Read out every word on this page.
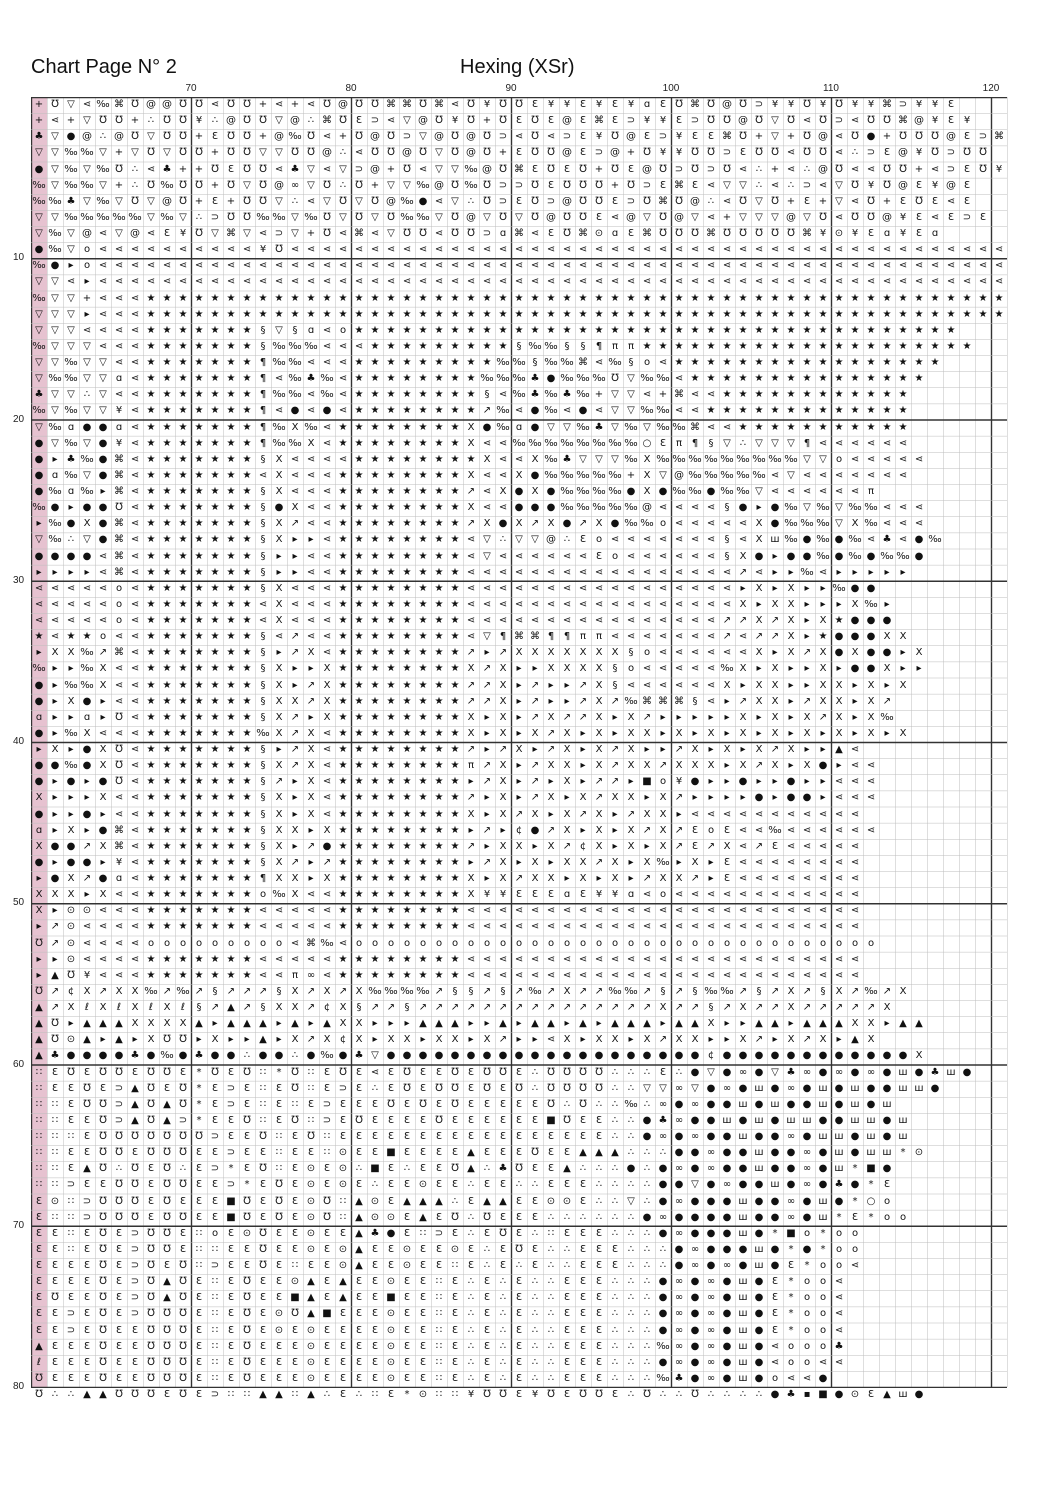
Chart Page N° 2	Hexing (XSr)
70	80	90	100	110	120
10
20
30
40
50
60
70
80
+ ℧ ▽ ⋖ ‰ ⌘ ℧ @ @ ℧ ℧ ⋖ ℧ ℧ + ⋖ + ⋖ ℧ @ ℧ ℧ ⌘ ⌘ ℧ ⌘ ⋖ ℧ ¥ ℧ ℧ Ɛ ¥ ¥ Ɛ ¥ Ɛ ¥ ɑ Ɛ ℧ ⌘ ℧ @ ℧ ⊃ ¥ ¥ ℧ ¥ ℧ ¥ ¥ ⌘ ⊃ ¥ ¥ Ɛ
+ ⋖ + ▽ ℧ ℧ + ∴ ℧ ℧ ¥ ∴ @ ℧ ℧ ▽ @ ∴ ⌘ ℧ Ɛ ⊃ ⋖ ▽ @ ℧ ¥ ℧ + ℧ Ɛ ℧ Ɛ @ Ɛ ⌘ Ɛ ⊃ ¥ ¥ Ɛ ⊃ ℧ ℧ @ ℧ ▽ ℧ ⋖ ℧ ⊃ ⋖ ℧ ℧ ⌘ @ ¥ Ɛ ¥
♣ ▽ ● @ ∴ @ ℧ ▽ ℧ ℧ + Ɛ ℧ ℧ + @ ‰ ℧ ⋖ + ℧ @ ℧ ⊃ ▽ @ ℧ @ ℧ ⊃ ⋖ ℧ ⋖ ⊃ Ɛ ¥ ℧ @ Ɛ ⊃ ¥ Ɛ Ɛ ⌘ ℧ + ▽ + ℧ @ ⋖ ℧ ● + ℧ ℧ ℧ @ Ɛ ⊃ ⌘
▽ ▽ ‰ ‰ ▽ + ▽ ℧ ▽ ℧ ℧ + ℧ ℧ ▽ ▽ ℧ ℧ @ ∴ ⋖ ℧ ℧ @ ℧ ▽ ℧ @ ℧ + Ɛ ℧ ℧ @ Ɛ ⊃ @ + ℧ ¥ ¥ ℧ ℧ ⊃ Ɛ ℧ ℧ ⋖ ℧ ℧ ⋖ ∴ ⊃ Ɛ @ ¥ ℧ ⊃ ℧ ℧
● ▽ ‰ ▽ ‰ ℧ ∴ ⋖ ♣ + + ℧ Ɛ ℧ ℧ ⋖ ♣ ▽ ⋖ ▽ ⊃ @ + ℧ ⋖ ▽ ▽ ‰ @ ℧ ⌘ Ɛ ℧ Ɛ ℧ + ℧ Ɛ @ ℧ ⊃ ℧ ⊃ ℧ ⋖ ∴ + ⋖ ∴ @ ℧ ⋖ ⋖ ℧ ℧ + ⋖ ⊃ Ɛ ℧ ¥
‰ ▽ ‰ ‰ ▽ + ∴ ℧ ‰ ℧ ℧ + ℧ ▽ ℧ @ ∞ ▽ ℧ ∴ ℧ + ▽ ▽ ‰ @ ℧ ‰ ℧ ⊃ ⊃ ℧ Ɛ ℧ ℧ ℧ + ℧ ⊃ Ɛ ⌘ Ɛ ⋖ ▽ ▽ ∴ ⋖ ∴ ⊃ ⋖ ▽ ℧ ¥ ℧ @ Ɛ ¥ @ Ɛ
‰ ‰ ♣ ▽ ‰ ▽ ℧ ▽ @ ℧ + Ɛ + ℧ ℧ ▽ ∴ ⋖ ▽ ℧ ▽ ℧ @ ‰ ● ⋖ ▽ ∴ ℧ ⊃ Ɛ ℧ ⊃ @ ℧ ℧ Ɛ ⊃ ℧ ⌘ ℧ @ ∴ ⋖ ℧ ▽ ℧ + Ɛ + ▽ ⋖ ℧ + Ɛ ℧ Ɛ ⋖ Ɛ
▽ ▽ ‰ ‰ ‰ ‰ ‰ ▽ ‰ ▽ ∴ ⊃ ℧ ℧ ‰ ‰ ▽ ‰ ℧ ▽ ℧ ▽ ℧ ‰ ‰ ▽ ℧ @ ▽ ℧ ▽ ℧ @ ℧ ℧ Ɛ ⋖ @ ▽ ℧ @ ▽ ⋖ + ▽ ▽ ▽ @ ▽ ℧ ⋖ ℧ ℧ @ ¥ Ɛ ⋖ Ɛ ⊃ Ɛ
▽ ‰ ▽ @ ⋖ ▽ @ ⋖ Ɛ ¥ ℧ ▽ ⌘ ▽ ⋖ ⊃ ▽ + ℧ ⋖ ⌘ ⋖ ▽ ℧ ℧ ⋖ ℧ ℧ ⊃ ɑ ⌘ ⋖ Ɛ ℧ ⌘ ⊙ ɑ Ɛ ⌘ ℧ ℧ ℧ ⌘ ℧ ℧ ℧ ℧ ℧ ⌘ ¥ ⊙ ¥ Ɛ ɑ ¥ Ɛ ɑ
● ‰ ▽ o ⋖ ⋖ ⋖ ⋖ ⋖ ⋖ ⋖ ⋖ ⋖ ⋖ ¥ ℧ ⋖ ⋖ ⋖ ⋖ ⋖ ⋖ ⋖ ⋖ ⋖ ⋖ ⋖ ⋖ ⋖ ⋖ ⋖ ⋖ ⋖ ⋖ ⋖ ⋖ ⋖ ⋖ ⋖ ⋖ ⋖ ⋖ ⋖ ⋖ ⋖ ⋖ ⋖ ⋖ ⋖ ⋖ ⋖ ⋖ ⋖ ⋖ ⋖ ⋖ ⋖ ⋖ ⋖ ⋖ ⋖
‰ ● ▸	o ⋖ ⋖ ⋖ ⋖ ⋖ ⋖ ⋖ ⋖ ⋖ ⋖ ⋖ ⋖ ⋖ ⋖ ⋖ ⋖ ⋖ ⋖ ⋖ ⋖ ⋖ ⋖ ⋖ ⋖ ⋖ ⋖ ⋖ ⋖ ⋖ ⋖ ⋖ ⋖ ⋖ ⋖ ⋖ ⋖ ⋖ ⋖ ⋖ ⋖ ⋖ ⋖ ⋖ ⋖ ⋖ ⋖ ⋖ ⋖ ⋖ ⋖ ⋖ ⋖ ⋖ ⋖ ⋖ ⋖ ⋖
▽ ▽ ⋖ ▸ ⋖ ⋖ ⋖ ⋖ ⋖ ⋖ ⋖ ⋖ ⋖ ⋖ ⋖ ⋖ ⋖ ⋖ ⋖ ⋖ ⋖ ⋖ ⋖ ⋖ ⋖ ⋖ ⋖ ⋖ ⋖ ⋖ ⋖ ⋖ ⋖ ⋖ ⋖ ⋖ ⋖ ⋖ ⋖ ⋖ ⋖ ⋖ ⋖ ⋖ ⋖ ⋖ ⋖ ⋖ ⋖ ⋖ ⋖ ⋖ ⋖ ⋖ ⋖ ⋖ ⋖ ⋖ ⋖ ⋖ ⋖
‰ ▽ ▽ + ⋖ ⋖ ⋖ ★ ★ ★ ★ ★ ★ ★ ★ ★ ★ ★ ★ ★ ★ ★ ★ ★ ★ ★ ★ ★ ★ ★ ★ ★ ★ ★ ★ ★ ★ ★ ★ ★ ★ ★ ★ ★ ★ ★ ★ ★ ★ ★ ★ ★ ★ ★ ★ ★ ★ ★ ★ ★ ★
▽ ▽ ▽ ▸ ⋖ ⋖ ⋖ ★ ★ ★ ★ ★ ★ ★ ★ ★ ★ ★ ★ ★ ★ ★ ★ ★ ★ ★ ★ ★ ★ ★ ★ ★ ★ ★ ★ ★ ★ ★ ★ ★ ★ ★ ★ ★ ★ ★ ★ ★ ★ ★ ★ ★ ★ ★ ★ ★ ★ ★ ★ ★ ★
▽ ▽ ▽ ⋖ ⋖ ⋖ ⋖ ★ ★ ★ ★ ★ ★ ★ § ▽ §	ɑ ⋖ o ★ ★ ★ ★ ★ ★ ★ ★ ★ ★ ★ ★ ★ ★ ★ ★ ★ ★ ★ ★ ★ ★ ★ ★ ★ ★ ★ ★ ★ ★ ★ ★ ★ ★ ★ ★ ★ ★
‰ ▽ ▽ ▽ ⋖ ⋖ ⋖ ★ ★ ★ ★ ★ ★ ★ § ‰ ‰ ‰ ⋖ ⋖ ⋖ ★ ★ ★ ★ ★ ★ ★ ★ ★ § ‰ ‰ §	§	¶ π π ★ ★ ★ ★ ★ ★ ★ ★ ★ ★ ★ ★ ★ ★ ★ ★ ★ ★ ★ ★ ★
▽ ▽ ‰ ▽ ▽ ⋖ ⋖ ★ ★ ★ ★ ★ ★ ★ ¶ ‰ ‰ ⋖ ⋖ ⋖ ★ ★ ★ ★ ★ ★ ★ ★ ★ ‰ ‰ § ‰ ‰ ⌘ ⋖ ‰ §	o ⋖ ★ ★ ★ ★ ★ ★ ★ ★ ★ ★ ★ ★ ★ ★ ★ ★ ★
▽ ‰ ‰ ▽ ▽ ɑ ⋖ ★ ★ ★ ★ ★ ★ ★ ¶ ⋖ ‰ ♣ ‰ ⋖ ★ ★ ★ ★ ★ ★ ★ ★ ‰ ‰ ‰ ♣ ● ‰ ‰ ‰ ℧ ▽ ‰ ‰ ⋖ ★ ★ ★ ★ ★ ★ ★ ★ ★ ★ ★ ★ ★ ★ ★
♣ ▽ ▽ ∴ ▽ ⋖ ⋖ ★ ★ ★ ★ ★ ★ ★ ¶ ‰ ‰ ⋖ ‰ ⋖ ★ ★ ★ ★ ★ ★ ★ ★ § ⋖ ‰ ♣ ‰ ♣ ‰ + ▽ ▽ ⋖ + ⌘ ⋖ ⋖ ★ ★ ★ ★ ★ ★ ★ ★ ★ ★ ★ ★
‰ ▽ ‰ ▽ ▽ ¥ ⋖ ★ ★ ★ ★ ★ ★ ★ ¶ ⋖ ● ⋖ ● ⋖ ★ ★ ★ ★ ★ ★ ★ ★ ↗ ‰ ⋖ ● ‰ ⋖ ● ⋖ ▽ ▽ ‰ ‰ ⋖ ⋖ ★ ★ ★ ★ ★ ★ ★ ★ ★ ★ ★ ★ ★
▽ ‰ ɑ ● ● ɑ ⋖ ★ ★ ★ ★ ★ ★ ★ ¶ ‰ X ‰ ⋖ ★ ★ ★ ★ ★ ★ ★ ★ X ● ‰ ɑ ● ▽ ▽ ‰ ♣ ▽ ‰ ▽ ‰ ‰ ⌘ ⋖ ⋖ ★ ★ ★ ★ ★ ★ ★ ★ ★ ★ ★
● ▽ ‰ ▽ ● ¥ ⋖ ★ ★ ★ ★ ★ ★ ★ ¶ ‰ ‰ X ⋖ ★ ★ ★ ★ ★ ★ ★ ★ X ⋖ ⋖ ‰ ‰ ‰ ‰ ‰ ‰ ‰ ‰ ○ Ɛ π ¶	§ ▽ ∴ ▽ ▽ ▽ ¶ ⋖ ⋖ ⋖ ⋖ ⋖ ⋖
● ▸ ♣ ‰ ● ⌘ ⋖ ★ ★ ★ ★ ★ ★ ★ §	X ⋖ ⋖ ⋖ ⋖ ★ ★ ★ ★ ★ ★ ★ ★ X ⋖ ⋖ X ‰ ♣ ▽ ▽ ▽ ‰ X ‰ ‰ ‰ ‰ ‰ ‰ ‰ ‰ ‰ ▽ ▽ o ⋖ ⋖ ⋖ ⋖ ⋖
● ɑ ‰ ▽ ● ⌘ ⋖ ★ ★ ★ ★ ★ ★ ★ ⋖ X ⋖ ⋖ ⋖ ★ ★ ★ ★ ★ ★ ★ ★ X ⋖ ⋖ X ● ‰ ‰ ‰ ‰ ‰ + X ▽ @ ‰ ‰ ‰ ‰ ‰ ⋖ ▽ ⋖ ⋖ ⋖ ⋖ ⋖ ⋖ ⋖
● ‰ ɑ ‰ ▸ ⌘ ⋖ ★ ★ ★ ★ ★ ★ ★ §	X ⋖ ⋖ ⋖ ★ ★ ★ ★ ★ ★ ★ ★ ↗ ⋖ X ● X ● ‰ ‰ ‰ ‰ ● X ● ‰ ‰ ● ‰ ‰ ▽ ⋖ ⋖ ⋖ ⋖ ⋖ ⋖ π
‰ ● ▸ ● ● ℧ ⋖ ★ ★ ★ ★ ★ ★ ★ § ● X ⋖ ⋖ ★ ★ ★ ★ ★ ★ ★ ★ X ⋖ ⋖ ● ● ● ‰ ‰ ‰ ‰ ‰ @ ⋖ ⋖ ⋖ ⋖ § ● ▸ ● ‰ ▽ ‰ ▽ ‰ ‰ ⋖ ⋖ ⋖
▸ ‰ ● X ● ⌘ ⋖ ★ ★ ★ ★ ★ ★ ★ §	X ↗ ⋖ ⋖ ★ ★ ★ ★ ★ ★ ★ ★ ↗ X ● X ↗ X ● ↗ X ● ‰ ‰ o ⋖ ⋖ ⋖ ⋖ ⋖ X ● ‰ ‰ ‰ ▽ X ‰ ⋖ ⋖ ⋖
▽ ‰ ∴ ▽ ● ⌘ ⋖ ★ ★ ★ ★ ★ ★ ★ §	X	▸	▸ ⋖ ★ ★ ★ ★ ★ ★ ★ ★ ⋖ ▽ ∴ ▽ ▽ @ ∴ Ɛ o ⋖ ⋖ ⋖ ⋖ ⋖ ⋖ ⋖ § ⋖ X ш ‰ ● ‰ ● ‰ ⋖ ♣ ⋖ ● ‰
● ● ● ● ⋖ ⌘ ⋖ ★ ★ ★ ★ ★ ★ ★ §	▸	▸ ⋖ ⋖ ★ ★ ★ ★ ★ ★ ★ ★ ⋖ ▽ ⋖ ⋖ ⋖ ⋖ ⋖ ⋖ Ɛ o ⋖ ⋖ ⋖ ⋖ ⋖ ⋖ §	X ● ▸ ● ● ‰ ● ‰ ● ‰ ‰ ●
▸	▸	▸	▸ ⋖ ⌘ ⋖ ★ ★ ★ ★ ★ ★ ★ §	▸	▸ ⋖ ⋖ ★ ★ ★ ★ ★ ★ ★ ★ ⋖ ⋖ ⋖ ⋖ ⋖ ⋖ ⋖ ⋖ ⋖ ⋖ ⋖ ⋖ ⋖ ⋖ ⋖ ⋖ ⋖ ↗ ⋖ ▸	▸ ‰ ⋖ ▸	▸	▸	▸	▸
⋖ ⋖ ⋖ ⋖ ⋖ o ⋖ ★ ★ ★ ★ ★ ★ ★ §	X ⋖ ⋖ ⋖ ★ ★ ★ ★ ★ ★ ★ ★ ⋖ ⋖ ⋖ ⋖ ⋖ ⋖ ⋖ ⋖ ⋖ ⋖ ⋖ ⋖ ⋖ ⋖ ⋖ ⋖ ⋖ ▸	X	▸	X	▸	▸ ‰ ● ●
⋖ ⋖ ⋖ ⋖ ⋖ o ⋖ ★ ★ ★ ★ ★ ★ ★ ⋖ X ⋖ ⋖ ⋖ ★ ★ ★ ★ ★ ★ ★ ★ ⋖ ⋖ ⋖ ⋖ ⋖ ⋖ ⋖ ⋖ ⋖ ⋖ ⋖ ⋖ ⋖ ⋖ ⋖ ⋖ ⋖ X	▸	X X	▸	▸	▸	X ‰ ▸
⋖ ⋖ ⋖ ⋖ ⋖ o ⋖ ★ ★ ★ ★ ★ ★ ★ ⋖ X ⋖ ⋖ ⋖ ★ ★ ★ ★ ★ ★ ★ ★ ⋖ ⋖ ⋖ ⋖ ⋖ ⋖ ⋖ ⋖ ⋖ ⋖ ⋖ ⋖ ⋖ ⋖ ⋖ ⋖ ↗ ↗ X ↗ X	▸	X ★ ● ● ●
★ ⋖ ★ ★ o ⋖ ⋖ ★ ★ ★ ★ ★ ★ ★ § ⋖ ↗ ⋖ ⋖ ★ ★ ★ ★ ★ ★ ★ ★ ⋖ ▽ ¶ ⌘ ⌘ ¶ ¶ π π ⋖ ⋖ ⋖ ⋖ ⋖ ⋖ ⋖ ↗ ⋖ ↗ ↗ X	▸ ★ ● ● ● X X
▸	X X ‰ ↗ ⌘ ⋖ ★ ★ ★ ★ ★ ★ ★ §	▸ ↗ X ⋖ ★ ★ ★ ★ ★ ★ ★ ★ ↗ ▸ ↗ X X X X X X X	§	o ⋖ ⋖ ⋖ ⋖ ⋖ ⋖ X	▸	X ↗ X ● X ● ● ▸	X
‰ ▸	▸ ‰ X ⋖ ⋖ ★ ★ ★ ★ ★ ★ ★ §	X	▸	▸	X ★ ★ ★ ★ ★ ★ ★ ★ X ↗ X	▸	▸	X X X X	§	o ⋖ ⋖ ⋖ ⋖ ⋖ ‰ X	▸	X	▸	▸	X	▸ ● ● X	▸	▸
● ▸ ‰ ‰ X ⋖ ⋖ ★ ★ ★ ★ ★ ★ ★ §	X	▸ ↗ X ★ ★ ★ ★ ★ ★ ★ ★ ↗ ↗ X	▸ ↗ ▸	▸ ↗ X	§ ⋖ ⋖ ⋖ ⋖ ⋖ ⋖ X	▸	X X	▸	▸	X X	▸	X	▸	X
● ▸	X ● ▸ ⋖ ⋖ ★ ★ ★ ★ ★ ★ ★ §	X X ↗ X ★ ★ ★ ★ ★ ★ ★ ★ ↗ ↗ X	▸ ↗ ▸	▸ ↗ X ↗ ‰ ⌘ ⌘ ⌘ § ⋖ ▸ ↗ X X	▸ ↗ X X	▸	X ↗
ɑ	▸	▸	ɑ	▸ ℧ ⋖ ★ ★ ★ ★ ★ ★ ★ §	X ↗ ▸	X ★ ★ ★ ★ ★ ★ ★ ★ X	▸	X	▸ ↗ X ↗ ↗ X	▸	X ↗ ▸	▸	▸	▸	▸	X	▸	X	▸	X ↗ X	▸	X ‰
● ▸ ‰ X ⋖ ⋖ ⋖ ★ ★ ★ ★ ★ ★ ★ ‰ X ↗ X ⋖ ★ ★ ★ ★ ★ ★ ★ ★ X	▸	X	▸	X ↗ X	▸	X	▸	X X	▸	X	▸	X	▸	X	▸	X	▸	X	▸	X	▸	X	▸	X
▸	X	▸ ● X ℧ ⋖ ★ ★ ★ ★ ★ ★ ★ §	▸ ↗ X ⋖ ★ ★ ★ ★ ★ ★ ★ ★ ↗ ▸ ↗ X	▸ ↗ X	▸	X ↗ X	▸	▸ ↗ X	▸	X	▸	X ↗ X	▸	▸ ▲ ⋖
● ● ‰ ● X ℧ ⋖ ★ ★ ★ ★ ★ ★ ★ §	X ↗ X ⋖ ★ ★ ★ ★ ★ ★ ★ ★ π ↗ X	▸ ↗ X X	▸	X ↗ X X ↗ X X X	▸	X ↗ X	▸	X ● ▸ ⋖ ⋖
● ▸ ● ▸ ● ℧ ⋖ ★ ★ ★ ★ ★ ★ ★ § ↗ ▸	X ⋖ ★ ★ ★ ★ ★ ★ ★ ★ ▸ ↗ X	▸ ↗ ▸	X	▸ ↗ ↗ ▸ ■ o ¥ ● ▸	▸ ● ▸	▸ ● ▸	▸ ⋖ ⋖ ⋖
X	▸	▸	▸	X ⋖ ⋖ ★ ★ ★ ★ ★ ★ ★ §	X	▸	X ⋖ ★ ★ ★ ★ ★ ★ ★ ★ ↗ ▸	X	▸ ↗ X	▸	X ↗ X X	▸	X ↗ ▸	▸	▸	▸ ● ▸ ● ● ▸ ⋖ ⋖ ⋖
● ▸	▸ ● ▸ ⋖ ⋖ ★ ★ ★ ★ ★ ★ ★ §	X	▸	X ⋖ ★ ★ ★ ★ ★ ★ ★ ★ X	▸	X ↗ X	▸	X ↗ X	▸ ↗ X X	▸ ⋖ ⋖ ⋖ ⋖ ⋖ ⋖ ⋖ ⋖ ⋖ ⋖ ⋖
ɑ	▸	X	▸ ● ⌘ ⋖ ★ ★ ★ ★ ★ ★ ★ §	X X	▸	X ★ ★ ★ ★ ★ ★ ★ ★ ▸ ↗ ▸	¢ ● ↗ X	▸	X	▸	X ↗ X ↗ Ɛ o Ɛ ⋖ ⋖ ‰ ⋖ ⋖ ⋖ ⋖ ⋖ ⋖
X ● ● ↗ X ⌘ ⋖ ★ ★ ★ ★ ★ ★ ★ §	X	▸ ↗ ● ★ ★ ★ ★ ★ ★ ★ ★ ↗ ▸	X X	▸	X ↗ ¢ X	▸	X	▸	X ↗ Ɛ ↗ X ⋖ ↗ Ɛ ⋖ ⋖ ⋖ ⋖ ⋖
● ▸ ● ● ▸	¥ ⋖ ★ ★ ★ ★ ★ ★ ★ §	X ↗ ▸ ↗ ★ ★ ★ ★ ★ ★ ★ ★ ▸ ↗ X	▸	X	▸	X X ↗ X	▸	X ‰ ▸	X	▸	Ɛ ⋖ ⋖ ⋖ ⋖ ⋖ ⋖ ⋖ ⋖
▸ ● X ↗ ● ɑ ⋖ ★ ★ ★ ★ ★ ★ ★ ¶ X X	▸	X ★ ★ ★ ★ ★ ★ ★ ★ X	▸	X ↗ X X	▸	X	▸	X	▸ ↗ X X ↗ ▸	Ɛ ⋖ ⋖ ⋖ ⋖ ⋖ ⋖ ⋖ ⋖
X X X	▸	X ⋖ ⋖ ★ ★ ★ ★ ★ ★ ★ o ‰ X ⋖ ⋖ ★ ★ ★ ★ ★ ★ ★ ★ X ¥ ¥ Ɛ Ɛ Ɛ ɑ Ɛ ¥ ¥ ɑ ⋖ o ⋖ ⋖ ⋖ ⋖ ⋖ ⋖ ⋖ ⋖ ⋖ ⋖ ⋖ ⋖
X	▸ ⊙ ⊙ ⋖ ⋖ ⋖ ★ ★ ★ ★ ★ ★ ★ ⋖ ⋖ ⋖ ⋖ ⋖ ★ ★ ★ ★ ★ ★ ★ ★ ⋖ ⋖ ⋖ ⋖ ⋖ ⋖ ⋖ ⋖ ⋖ ⋖ ⋖ ⋖ ⋖ ⋖ ⋖ ⋖ ⋖ ⋖ ⋖ ⋖ ⋖ ⋖ ⋖ ⋖ ⋖
▸ ↗ ⊙ ⋖ ⋖ ⋖ ⋖ ★ ★ ★ ★ ★ ★ ★ ⋖ ⋖ ⋖ ⋖ ⋖ ★ ★ ★ ★ ★ ★ ★ ★ ⋖ ⋖ ⋖ ⋖ ⋖ ⋖ ⋖ ⋖ ⋖ ⋖ ⋖ ⋖ ⋖ ⋖ ⋖ ⋖ ⋖ ⋖ ⋖ ⋖ ⋖ ⋖ ⋖ ⋖ ⋖
℧ ↗ ⊙ ⋖ ⋖ ⋖ ⋖ o o o o o o o o o ⋖ ⌘ ‰ ⋖ o o o o o o o o o o o o o o o o o o o o o o o o o o o o o o o o o
▸	▸ ⊙ ⋖ ⋖ ⋖ ⋖ ★ ★ ★ ★ ★ ★ ★ ⋖ ⋖ ⋖ ⋖ ⋖ ★ ★ ★ ★ ★ ★ ★ ★ ⋖ ⋖ ⋖ ⋖ ⋖ ⋖ ⋖ ⋖ ⋖ ⋖ ⋖ ⋖ ⋖ ⋖ ⋖ ⋖ ⋖ ⋖ ⋖ ⋖ ⋖ ⋖ ⋖ ⋖ ⋖
▸ ▲ ℧ ¥ ⋖ ⋖ ⋖ ★ ★ ★ ★ ★ ★ ★ ⋖ ⋖ π ∞ ⋖ ★ ★ ★ ★ ★ ★ ★ ★ ⋖ ⋖ ⋖ ⋖ ⋖ ⋖ ⋖ ⋖ ⋖ ⋖ ⋖ ⋖ ⋖ ⋖ ⋖ ⋖ ⋖ ⋖ ⋖ ⋖ ⋖ ⋖ ⋖ ⋖ ⋖
℧ ↗ ¢ X ↗ X X ‰ ↗ ‰ ↗ § ↗ ↗ ↗ §	X ↗ X ↗ X ‰ ‰ ‰ ‰ ↗ §	§ ↗ § ↗ ‰ ↗ X ↗ ↗ ‰ ‰ ↗ § ↗ § ‰ ‰ ↗ § ↗ X ↗ §	X ↗ ‰ ↗ X
▲ ↗ X	ℓ	X	ℓ	X	ℓ	X	ℓ	§ ↗ ▲ ↗ §	X X ↗ ¢ X	§ ↗ ↗ § ↗ ↗ ↗ ↗ ↗ ↗ ↗ ↗ ↗ ↗ ↗ ↗ ↗ ↗ ↗ X ↗ ↗ § ↗ X ↗ ↗ X ↗ ↗ ↗ ↗ ↗ X
▲ ℧ ▸ ▲ ▲ ▲ X X X X ▲ ▸ ▲ ▲ ▲ ▸ ▲ ▸ ▲ X X	▸	▸	▸ ▲ ▲ ▲ ▸	▸ ▲ ▸ ▲ ▲ ▸ ▲ ▸ ▲ ▲ ▲ ▸ ▲ ▲ X	▸	▸ ▲ ▲ ▸ ▲ ▲ ▲ X X	▸ ▲ ▲
▲ ℧ ⊙ ▲ ▸ ▲ ▸	X ℧ ℧ ▸	X	▸	▸ ▲ ▸	X ↗ X ¢ X	▸	X X	▸	X X	▸	X ↗ ▸	▸ ⋖ X	▸	X X	▸	X ↗ X X	▸	▸	X ↗ ▸	X ↗ X	▸ ▲ X
▲ ♣ ● ● ● ● ♣ ● ‰ ● ♣ ● ● ∴ ● ● ∴ ● ‰ ● ♣ ▽ ● ● ● ● ● ● ● ● ● ● ● ● ● ● ● ● ● ● ● ● ¢ ● ● ● ● ● ● ● ● ● ● ● ● X
∷ Ɛ ℧ Ɛ ℧ ℧ Ɛ ℧ ℧ Ɛ	* ℧ Ɛ ℧ ∷	* ℧ ∷ Ɛ ℧ Ɛ ⋖ Ɛ ℧ Ɛ Ɛ ℧ Ɛ ℧ ℧ Ɛ ∴ ℧ ℧ ℧ ℧ ∴ ∴ ∴ Ɛ ∴ ● ▽ ● ∞ ● ▽ ♣ ∞ ● ∞ ● ∞ ● ш ● ♣ ш ●
∷ Ɛ Ɛ ℧ Ɛ ⊃ ▲ ℧ Ɛ ℧ *	Ɛ ⊃ Ɛ ∷ Ɛ ℧ ∷ Ɛ ⊃ Ɛ ∴ Ɛ ℧ Ɛ ℧ ℧ Ɛ ℧ Ɛ ℧ ∴ ℧ ℧ ℧ ℧ ∴ ∴ ▽ ▽ ∞ ▽ ● ∞ ● ш ● ∞ ● ш ● ш ● ● ш ш ●
∷ ∷ Ɛ ℧ ℧ ⊃ ▲ ℧ ▲ ℧ *	Ɛ ⊃ Ɛ ∷ Ɛ ∷ Ɛ ⊃ Ɛ Ɛ Ɛ ℧ Ɛ ℧ Ɛ ℧ Ɛ Ɛ Ɛ Ɛ Ɛ ℧ ∴ ℧ ∴ ∴ ‰ ∴ ∞ ● ∞ ● ● ш ● ш ● ● ш ● ш ● ш
∷ ∷ Ɛ Ɛ ℧ ⊃ ▲ ℧ ▲ ⊃ *	Ɛ Ɛ ℧ ∷ Ɛ ℧ ∷ ⊃ Ɛ ℧ Ɛ Ɛ Ɛ Ɛ ℧ Ɛ Ɛ Ɛ Ɛ Ɛ Ɛ ■ ℧ Ɛ Ɛ ∴ ∴ ● ♣ ∞ ● ● ш ● ш ● ш ш ● ● ш ш ● ш
∷ ∷ ∷ Ɛ ℧ ℧ ℧ ℧ ℧ ℧ ℧ ⊃ Ɛ Ɛ ℧ ∷ Ɛ ℧ ∷ Ɛ Ɛ Ɛ Ɛ Ɛ Ɛ Ɛ Ɛ Ɛ Ɛ Ɛ Ɛ Ɛ Ɛ Ɛ Ɛ Ɛ ∴ ∴ ● ∞ ● ∞ ● ● ш ● ● ∞ ● ш ш ● ш ● ш
∷ ∷ Ɛ Ɛ ℧ ℧ Ɛ ℧ ℧ ℧ Ɛ Ɛ ⊃ Ɛ Ɛ ∷ Ɛ Ɛ ∷ ⊙ Ɛ Ɛ ■ Ɛ Ɛ Ɛ Ɛ ▲ Ɛ Ɛ Ɛ ℧ Ɛ Ɛ ▲ ▲ ▲ ∴ ∴ ∴ ● ● ∞ ● ● ш ● ● ∞ ● ш ● ш ш * ⊙
∷ ∷ Ɛ ▲ ℧ ∴ ℧ Ɛ ℧ ∴ Ɛ ⊃ *	Ɛ ℧ ∷ Ɛ ⊙ Ɛ ⊙ ∴ ■ Ɛ ∴ Ɛ Ɛ ℧ ▲ ∴ ♣ ℧ Ɛ Ɛ ▲ ∴ ∴ ∴ ● ∴ ● ∞ ● ∞ ● ● ш ● ● ∞ ● ш * ■ ●
∷ ∷ ⊃ Ɛ Ɛ ℧ ℧ Ɛ ℧ ℧ Ɛ Ɛ ⊃ *	Ɛ ℧ Ɛ ⊙ Ɛ ⊙ Ɛ ∴ Ɛ Ɛ ⊙ Ɛ Ɛ ∴ Ɛ Ɛ ∴ ∴ Ɛ Ɛ Ɛ ∴ ∴ ∴ ∴ ● ● ▽ ● ∞ ● ● ш ● ∞ ● ♣ ● *	Ɛ
Ɛ ⊙ ∷ ⊃ ℧ ℧ ℧ Ɛ ℧ Ɛ Ɛ Ɛ ■ ℧ Ɛ ℧ Ɛ ⊙ ℧ ∷ ▲ ⊙ Ɛ ▲ ▲ ▲ ∴ Ɛ ▲ ▲ Ɛ Ɛ ⊙ ⊙ Ɛ ∴ ∴ ▽ ∴ ● ∞ ● ● ● ш ● ● ∞ ● ш ● * ○ o
Ɛ ∷ ∷ ⊃ ℧ ℧ ℧ Ɛ ℧ ℧ Ɛ Ɛ ■ ℧ Ɛ ℧ Ɛ ⊙ ℧ ∷ ▲ ⊙ ⊙ Ɛ ▲ Ɛ ℧ ∴ ℧ Ɛ Ɛ Ɛ ∴ ∴ ∴ ∴ ∴ ∴ ● ∞ ● ● ● ● ш ● ● ∞ ● ш *	Ɛ	*	o o
Ɛ Ɛ ∷ Ɛ ℧ Ɛ ⊃ ℧ ℧ Ɛ ∷ o Ɛ ⊙ ℧ Ɛ Ɛ ⊙ Ɛ Ɛ ▲ ♣ ● Ɛ ∷ ⊃ Ɛ ∴ Ɛ ℧ Ɛ ∴ ∷ Ɛ Ɛ Ɛ ∴ ∴ ∴ ● ∞ ● ● ● ш ● * ■ o	*	o o
Ɛ Ɛ ∷ Ɛ ℧ Ɛ ⊃ ℧ ℧ Ɛ ∷ ∷ Ɛ Ɛ ℧ Ɛ Ɛ ⊙ Ɛ ⊙ ▲ Ɛ Ɛ ⊙ Ɛ Ɛ ⊙ Ɛ ∴ Ɛ ℧ Ɛ ∴ ∴ Ɛ Ɛ Ɛ ∴ ∴ ∴ ● ∞ ● ● ● ш ● * ● *	o o
Ɛ Ɛ Ɛ Ɛ ℧ Ɛ ⊃ ℧ Ɛ ℧ ∷ ⊃ Ɛ Ɛ ℧ Ɛ ∷ Ɛ Ɛ ⊙ ▲ Ɛ Ɛ ⊙ Ɛ Ɛ ∷ Ɛ ∴ Ɛ ∴ Ɛ ∴ ∴ Ɛ Ɛ Ɛ ∴ ∴ ∴ ● ∞ ● ∞ ● ш ● Ɛ	*	o o ⋖
Ɛ Ɛ Ɛ Ɛ ℧ Ɛ ⊃ ℧ ▲ ℧ Ɛ ∷ Ɛ ℧ Ɛ Ɛ ⊙ ▲ Ɛ ▲ Ɛ Ɛ ⊙ Ɛ Ɛ ∷ Ɛ ∴ Ɛ ∴ Ɛ ∴ ∴ Ɛ Ɛ Ɛ ∴ ∴ ∴ ● ∞ ● ∞ ● ш ● Ɛ	*	o o ⋖
Ɛ ℧ Ɛ Ɛ ℧ Ɛ ⊃ ℧ ▲ ℧ Ɛ ∷ Ɛ ℧ Ɛ Ɛ ■ ▲ Ɛ ▲ Ɛ Ɛ ■ Ɛ Ɛ ∷ Ɛ ∴ Ɛ ∴ Ɛ ∴ ∴ Ɛ Ɛ Ɛ ∴ ∴ ∴ ● ∞ ● ∞ ● ш ● Ɛ	*	o o ⋖
Ɛ Ɛ ⊃ Ɛ ℧ Ɛ ⊃ ℧ ℧ ℧ Ɛ ∷ Ɛ ℧ Ɛ ⊙ ℧ ▲ ■ Ɛ Ɛ Ɛ ⊙ Ɛ Ɛ ∷ Ɛ ∴ Ɛ ∴ Ɛ ∴ ∴ Ɛ Ɛ Ɛ ∴ ∴ ∴ ● ∞ ● ∞ ● ш ● Ɛ	*	o o ⋖
Ɛ Ɛ ⊃ Ɛ ℧ Ɛ Ɛ ℧ ℧ ℧ Ɛ ∷ Ɛ ℧ Ɛ ⊙ Ɛ ⊙ Ɛ Ɛ Ɛ Ɛ ⊙ Ɛ Ɛ ∷ Ɛ ∴ Ɛ ∴ Ɛ ∴ ∴ Ɛ Ɛ Ɛ ∴ ∴ ∴ ● ∞ ● ∞ ● ш ● Ɛ	*	o o ⋖
▲ Ɛ Ɛ Ɛ ℧ Ɛ Ɛ ℧ ℧ ℧ Ɛ ∷ Ɛ ℧ Ɛ Ɛ Ɛ ⊙ Ɛ Ɛ Ɛ Ɛ ⊙ Ɛ Ɛ ∷ Ɛ ∴ Ɛ ∴ Ɛ ∴ ∴ Ɛ Ɛ Ɛ ∴ ∴ ∴ ‰ ∞ ● ∞ ● ш ● ⋖ o o o ♣
ℓ	Ɛ Ɛ Ɛ ℧ Ɛ Ɛ ℧ ℧ ℧ Ɛ ∷ Ɛ ℧ Ɛ Ɛ Ɛ ⊙ Ɛ Ɛ Ɛ Ɛ ⊙ Ɛ Ɛ ∷ Ɛ ∴ Ɛ ∴ Ɛ ∴ ∴ Ɛ Ɛ Ɛ ∴ ∴ ∴ ● ∞ ● ∞ ● ш ● ⋖ o o ⋖ ⋖
℧ Ɛ Ɛ Ɛ ℧ Ɛ Ɛ ℧ ℧ ℧ Ɛ ∷ Ɛ ℧ Ɛ Ɛ Ɛ ⊙ Ɛ Ɛ Ɛ Ɛ ⊙ Ɛ Ɛ ∷ Ɛ ∴ Ɛ ∴ Ɛ ∴ ∴ Ɛ Ɛ Ɛ ∴ ∴ ∴ ‰ ♣ ● ∞ ● ш ● o ⋖ ⋖ ●
℧ ∴ ∴ ▲ ▲ ℧ ℧ ℧ Ɛ ℧ Ɛ ⊃ ∷ ∷ ▲ ▲ ∷ ▲ ∴ Ɛ ∴ ∷ Ɛ	* ⊙ ∷ ∷ ¥ ℧ ℧ Ɛ ¥ ℧ Ɛ ℧ ℧ Ɛ ∴ ℧ ∴ ∴ ℧ ∴ ∴ ∴ ∴ ● ♣ ▪ ■ ● ⊙ Ɛ ▲ ш ●
